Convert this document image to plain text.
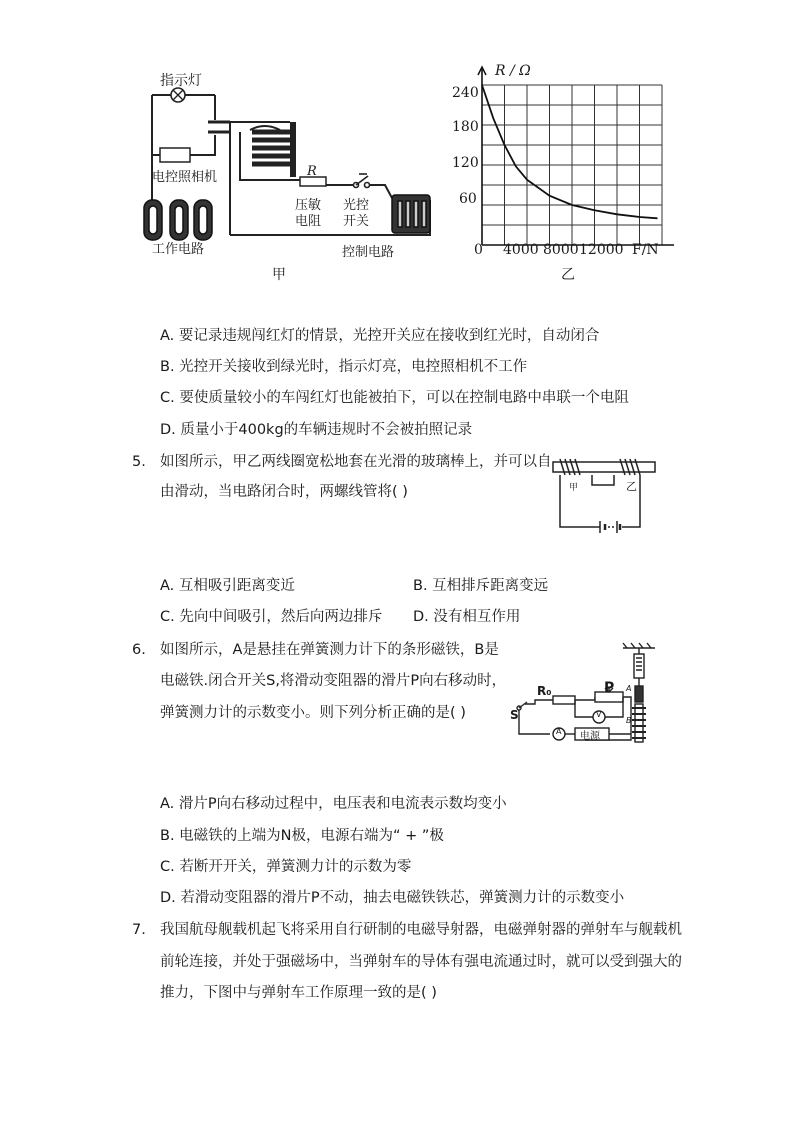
指示灯
电控照相机
工作电路
R
压敏
电阻
光控
开关
控制电路
甲
R / Ω
F/N
240
180
120
60
0 4000 8000 12000
乙
A. 要记录违规闯红灯的情景，光控开关应在接收到红光时，自动闭合
B. 光控开关接收到绿光时，指示灯亮，电控照相机不工作
C. 要使质量较小的车闯红灯也能被拍下，可以在控制电路中串联一个电阻
D. 质量小于400kg的车辆违规时不会被拍照记录
5. 如图所示，甲乙两线圈宽松地套在光滑的玻璃棒上，并可以自
由滑动，当电路闭合时，两螺线管将( )	甲	乙
A. 互相吸引距离变近	B. 互相排斥距离变远
C. 先向中间吸引，然后向两边排斥 D. 没有相互作用
6. 如图所示，A是悬挂在弹簧测力计下的条形磁铁，B是
电磁铁.闭合开关S,将滑动变阻器的滑片P向右移动时，
弹簧测力计的示数变小。则下列分析正确的是( )
R₀	P
V
S
A 电源
A
B
A. 滑片P向右移动过程中，电压表和电流表示数均变小
B. 电磁铁的上端为N极，电源右端为“ + ”极
C. 若断开开关，弹簧测力计的示数为零
D. 若滑动变阻器的滑片P不动，抽去电磁铁铁芯，弹簧测力计的示数变小
7. 我国航母舰载机起飞将采用自行研制的电磁导射器，电磁弹射器的弹射车与舰载机
前轮连接，并处于强磁场中，当弹射车的导体有强电流通过时，就可以受到强大的
推力，下图中与弹射车工作原理一致的是( )
